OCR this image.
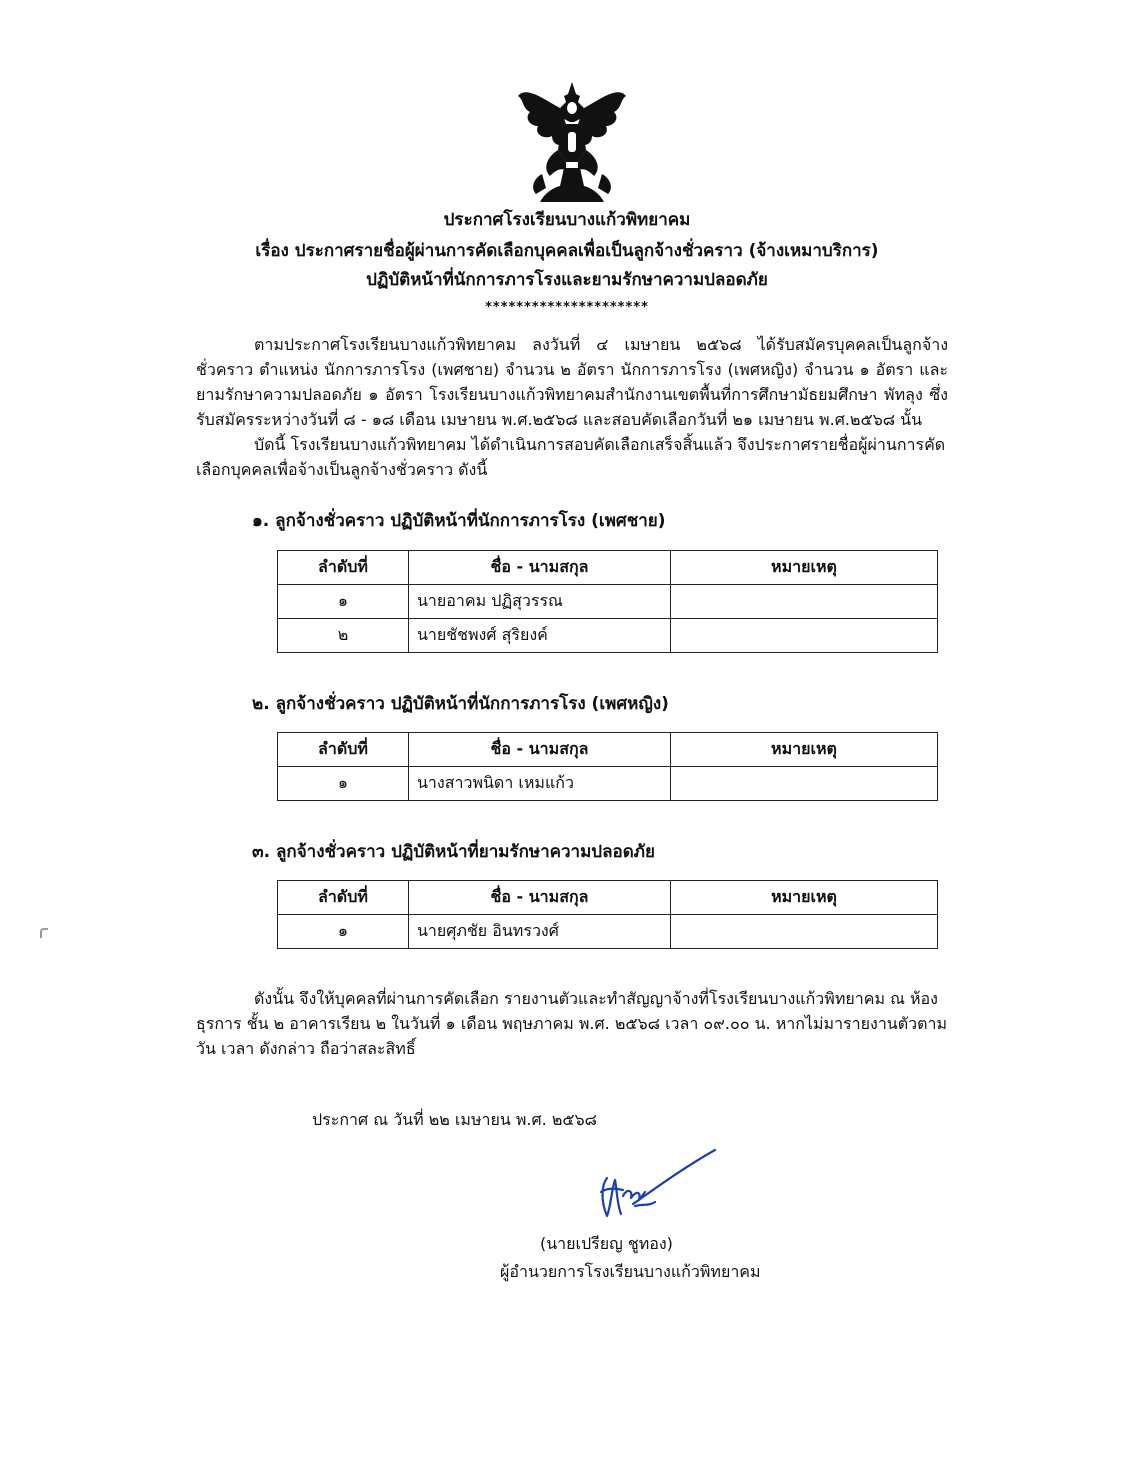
ประกาศโรงเรียนบางแก้วพิทยาคม
เรื่อง ประกาศรายชื่อผู้ผ่านการคัดเลือกบุคคลเพื่อเป็นลูกจ้างชั่วคราว (จ้างเหมาบริการ)
ปฏิบัติหน้าที่นักการภารโรงและยามรักษาความปลอดภัย
*********************

ตามประกาศโรงเรียนบางแก้วพิทยาคม ลงวันที่ ๔ เมษายน ๒๕๖๘ ได้รับสมัครบุคคลเป็นลูกจ้างชั่วคราว ตำแหน่ง นักการภารโรง (เพศชาย) จำนวน ๒ อัตรา นักการภารโรง (เพศหญิง) จำนวน ๑ อัตรา และยามรักษาความปลอดภัย ๑ อัตรา โรงเรียนบางแก้วพิทยาคมสำนักงานเขตพื้นที่การศึกษามัธยมศึกษา พัทลุง ซึ่งรับสมัครระหว่างวันที่ ๘ - ๑๘ เดือน เมษายน พ.ศ.๒๕๖๘ และสอบคัดเลือกวันที่ ๒๑ เมษายน พ.ศ.๒๕๖๘ นั้น

บัดนี้ โรงเรียนบางแก้วพิทยาคม ได้ดำเนินการสอบคัดเลือกเสร็จสิ้นแล้ว จึงประกาศรายชื่อผู้ผ่านการคัดเลือกบุคคลเพื่อจ้างเป็นลูกจ้างชั่วคราว ดังนี้

๑. ลูกจ้างชั่วคราว ปฏิบัติหน้าที่นักการภารโรง (เพศชาย)
ลำดับที่	ชื่อ - นามสกุล	หมายเหตุ
๑	นายอาคม ปฏิสุวรรณ	
๒	นายชัชพงศ์ สุริยงค์	
๒. ลูกจ้างชั่วคราว ปฏิบัติหน้าที่นักการภารโรง (เพศหญิง)
ลำดับที่	ชื่อ - นามสกุล	หมายเหตุ
๑	นางสาวพนิดา เหมแก้ว	
๓. ลูกจ้างชั่วคราว ปฏิบัติหน้าที่ยามรักษาความปลอดภัย
ลำดับที่	ชื่อ - นามสกุล	หมายเหตุ
๑	นายศุภชัย อินทรวงศ์	

ดังนั้น จึงให้บุคคลที่ผ่านการคัดเลือก รายงานตัวและทำสัญญาจ้างที่โรงเรียนบางแก้วพิทยาคม ณ ห้องธุรการ ชั้น ๒ อาคารเรียน ๒ ในวันที่ ๑ เดือน พฤษภาคม พ.ศ. ๒๕๖๘ เวลา ๐๙.๐๐ น. หากไม่มารายงานตัวตามวัน เวลา ดังกล่าว ถือว่าสละสิทธิ์

ประกาศ ณ วันที่ ๒๒ เมษายน พ.ศ. ๒๕๖๘
(นายเปรียญ ชูทอง)
ผู้อำนวยการโรงเรียนบางแก้วพิทยาคม
